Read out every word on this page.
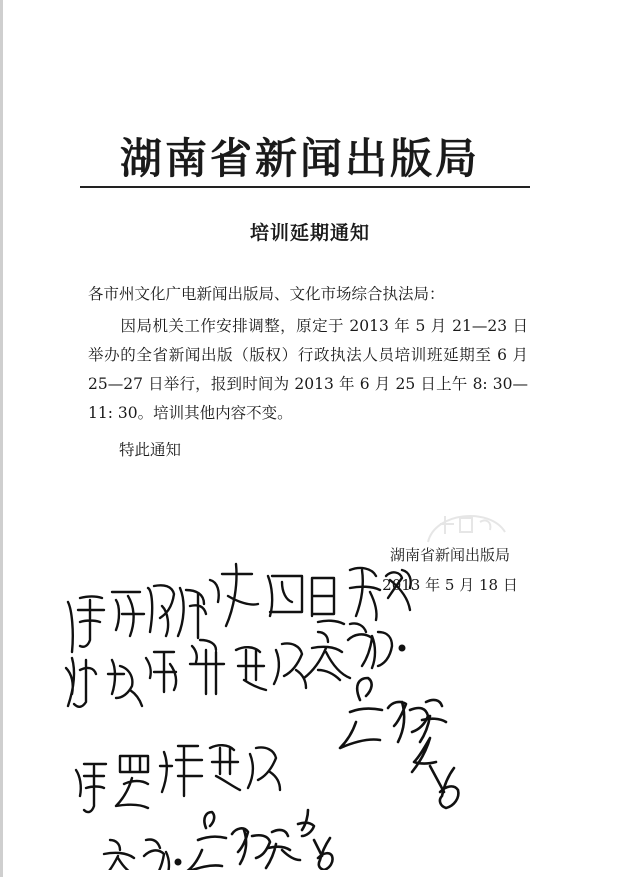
湖南省新闻出版局
培训延期通知

各市州文化广电新闻出版局、文化市场综合执法局：

因局机关工作安排调整，原定于 2013 年 5 月 21—23 日举办的全省新闻出版（版权）行政执法人员培训班延期至 6 月 25—27 日举行，报到时间为 2013 年 6 月 25 日上午 8: 30—11: 30。培训其他内容不变。

特此通知

湖南省新闻出版局
2013 年 5 月 18 日
